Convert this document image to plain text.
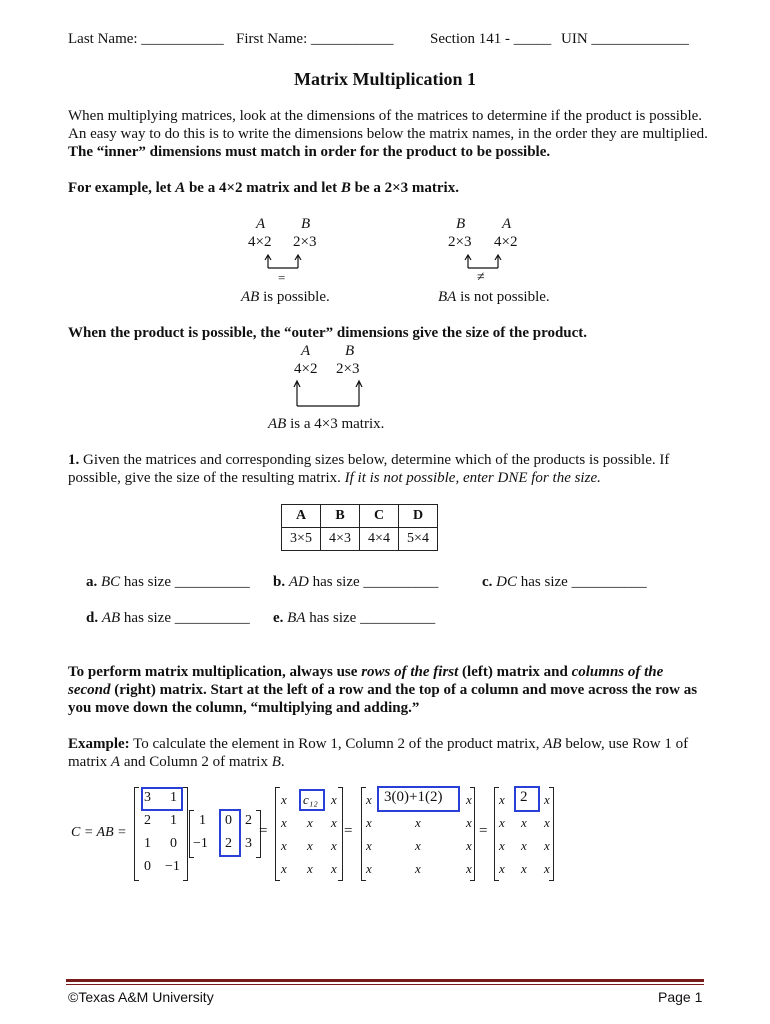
Last Name: ___________ First Name: ___________ Section 141 - _____ UIN _____________
Matrix Multiplication 1
When multiplying matrices, look at the dimensions of the matrices to determine if the product is possible. An easy way to do this is to write the dimensions below the matrix names, in the order they are multiplied. The “inner” dimensions must match in order for the product to be possible.
For example, let A be a 4×2 matrix and let B be a 2×3 matrix.
A B
4×2 2×3
=
AB is possible.
B A
2×3 4×2
≠
BA is not possible.
When the product is possible, the “outer” dimensions give the size of the product.
A B
4×2 2×3
AB is a 4×3 matrix.
1. Given the matrices and corresponding sizes below, determine which of the products is possible. If possible, give the size of the resulting matrix. If it is not possible, enter DNE for the size.
A	B	C	D
3×5	4×3	4×4	5×4
a. BC has size __________ b. AD has size __________	c. DC has size __________
d. AB has size __________ e. BA has size __________
To perform matrix multiplication, always use rows of the first (left) matrix and columns of the second (right) matrix. Start at the left of a row and the top of a column and move across the row as you move down the column, “multiplying and adding.”
Example: To calculate the element in Row 1, Column 2 of the product matrix, AB below, use Row 1 of matrix A and Column 2 of matrix B.
C = AB =
3 1
2 1
1 0
0 −1
1 0 2
−1 2 3
=
x c₁₂ x
x x x
x x x
x x x
=
x 3(0)+1(2) x
x	x	x
x	x	x
x	x	x
=
x 2 x
x x x
x x x
x x x
©Texas A&M University	Page 1
